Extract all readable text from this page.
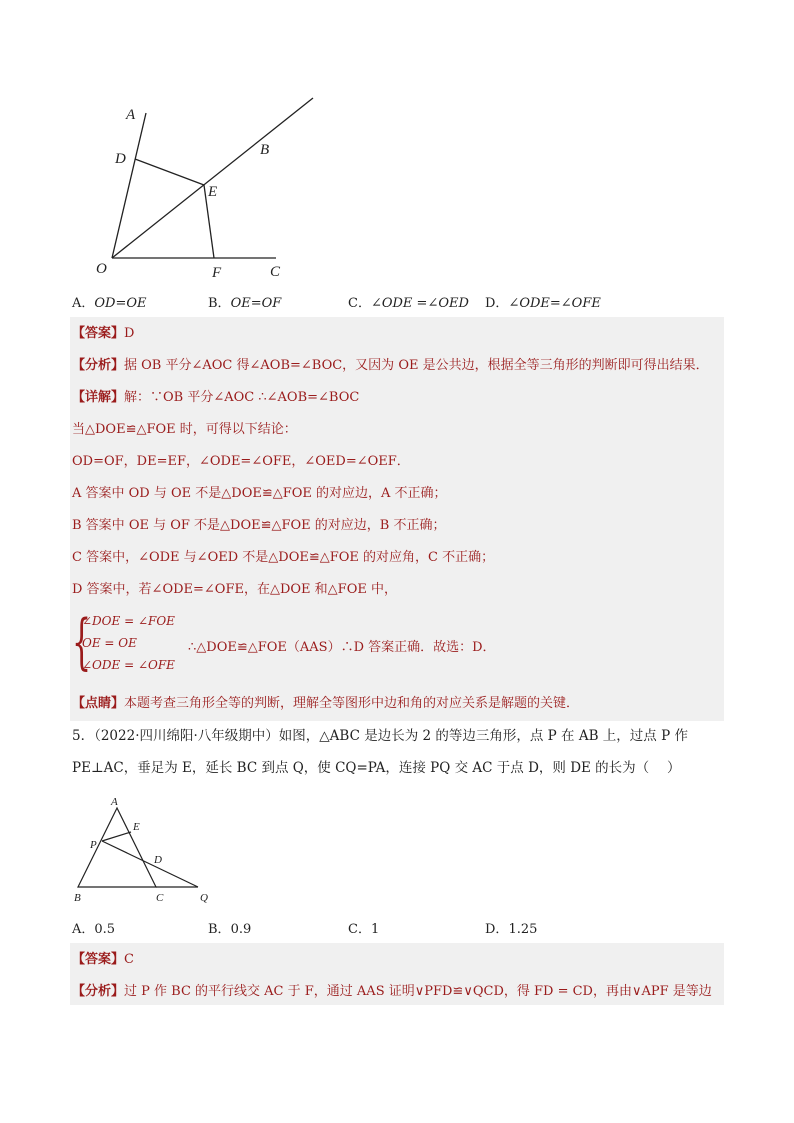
A
B
C
D
E
F
O
A．OD=OE	B．OE=OF	C．∠ODE =∠OED D．∠ODE=∠OFE
【答案】D
【分析】据 OB 平分∠AOC 得∠AOB=∠BOC，又因为 OE 是公共边，根据全等三角形的判断即可得出结果．
【详解】解：∵OB 平分∠AOC ∴∠AOB=∠BOC
当△DOE≌△FOE 时，可得以下结论：
OD=OF，DE=EF，∠ODE=∠OFE，∠OED=∠OEF．
A 答案中 OD 与 OE 不是△DOE≌△FOE 的对应边，A 不正确；
B 答案中 OE 与 OF 不是△DOE≌△FOE 的对应边，B 不正确；
C 答案中，∠ODE 与∠OED 不是△DOE≌△FOE 的对应角，C 不正确；
D 答案中，若∠ODE=∠OFE，在△DOE 和△FOE 中，
{
∠DOE = ∠FOE
OE = OE
∠ODE = ∠OFE
∴△DOE≌△FOE（AAS）∴D 答案正确．故选：D．
【点睛】本题考查三角形全等的判断，理解全等图形中边和角的对应关系是解题的关键．
5．（2022·四川绵阳·八年级期中）如图，△ABC 是边长为 2 的等边三角形，点 P 在 AB 上，过点 P 作
PE⊥AC，垂足为 E，延长 BC 到点 Q，使 CQ=PA，连接 PQ 交 AC 于点 D，则 DE 的长为（　 ）
A
E
P
D
B	C	Q
A．0.5	B．0.9	C．1	D．1.25
【答案】C
【分析】过 P 作 BC 的平行线交 AC 于 F，通过 AAS 证明∨PFD≌∨QCD，得 FD = CD，再由∨APF 是等边
